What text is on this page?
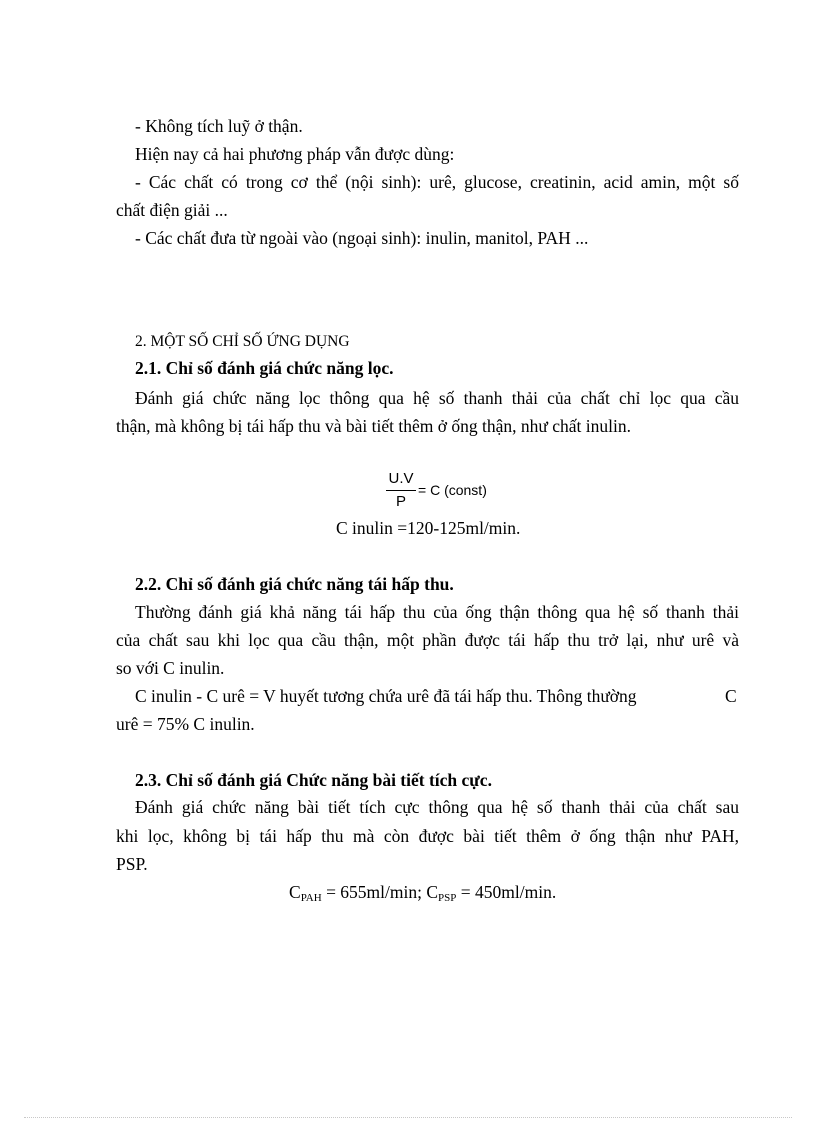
- Không tích luỹ ở thận.
Hiện nay cả hai phương pháp vẫn được dùng:
- Các chất có trong cơ thể (nội sinh): urê, glucose, creatinin, acid amin, một số
chất điện giải ...
- Các chất đưa từ ngoài vào (ngoại sinh): inulin, manitol, PAH ...
2. MỘT SỐ CHỈ SỐ ỨNG DỤNG
2.1. Chỉ số đánh giá chức năng lọc.
Đánh giá chức năng lọc thông qua hệ số thanh thải của chất chỉ lọc qua cầu
thận, mà không bị tái hấp thu và bài tiết thêm ở ống thận, như chất inulin.
U.V
P
= C (const)
C inulin =120-125ml/min.
2.2. Chỉ số đánh giá chức năng tái hấp thu.
Thường đánh giá khả năng tái hấp thu của ống thận thông qua hệ số thanh thải
của chất sau khi lọc qua cầu thận, một phần được tái hấp thu trở lại, như urê và
so với C inulin.
C inulin - C urê = V huyết tương chứa urê đã tái hấp thu. Thông thường	C
urê = 75% C inulin.
2.3. Chỉ số đánh giá Chức năng bài tiết tích cực.
Đánh giá chức năng bài tiết tích cực thông qua hệ số thanh thải của chất sau
khi lọc, không bị tái hấp thu mà còn được bài tiết thêm ở ống thận như PAH,
PSP.
$C_{PAH} = 655ml/\min$; $C_{PSP} = 450ml/\min$.
